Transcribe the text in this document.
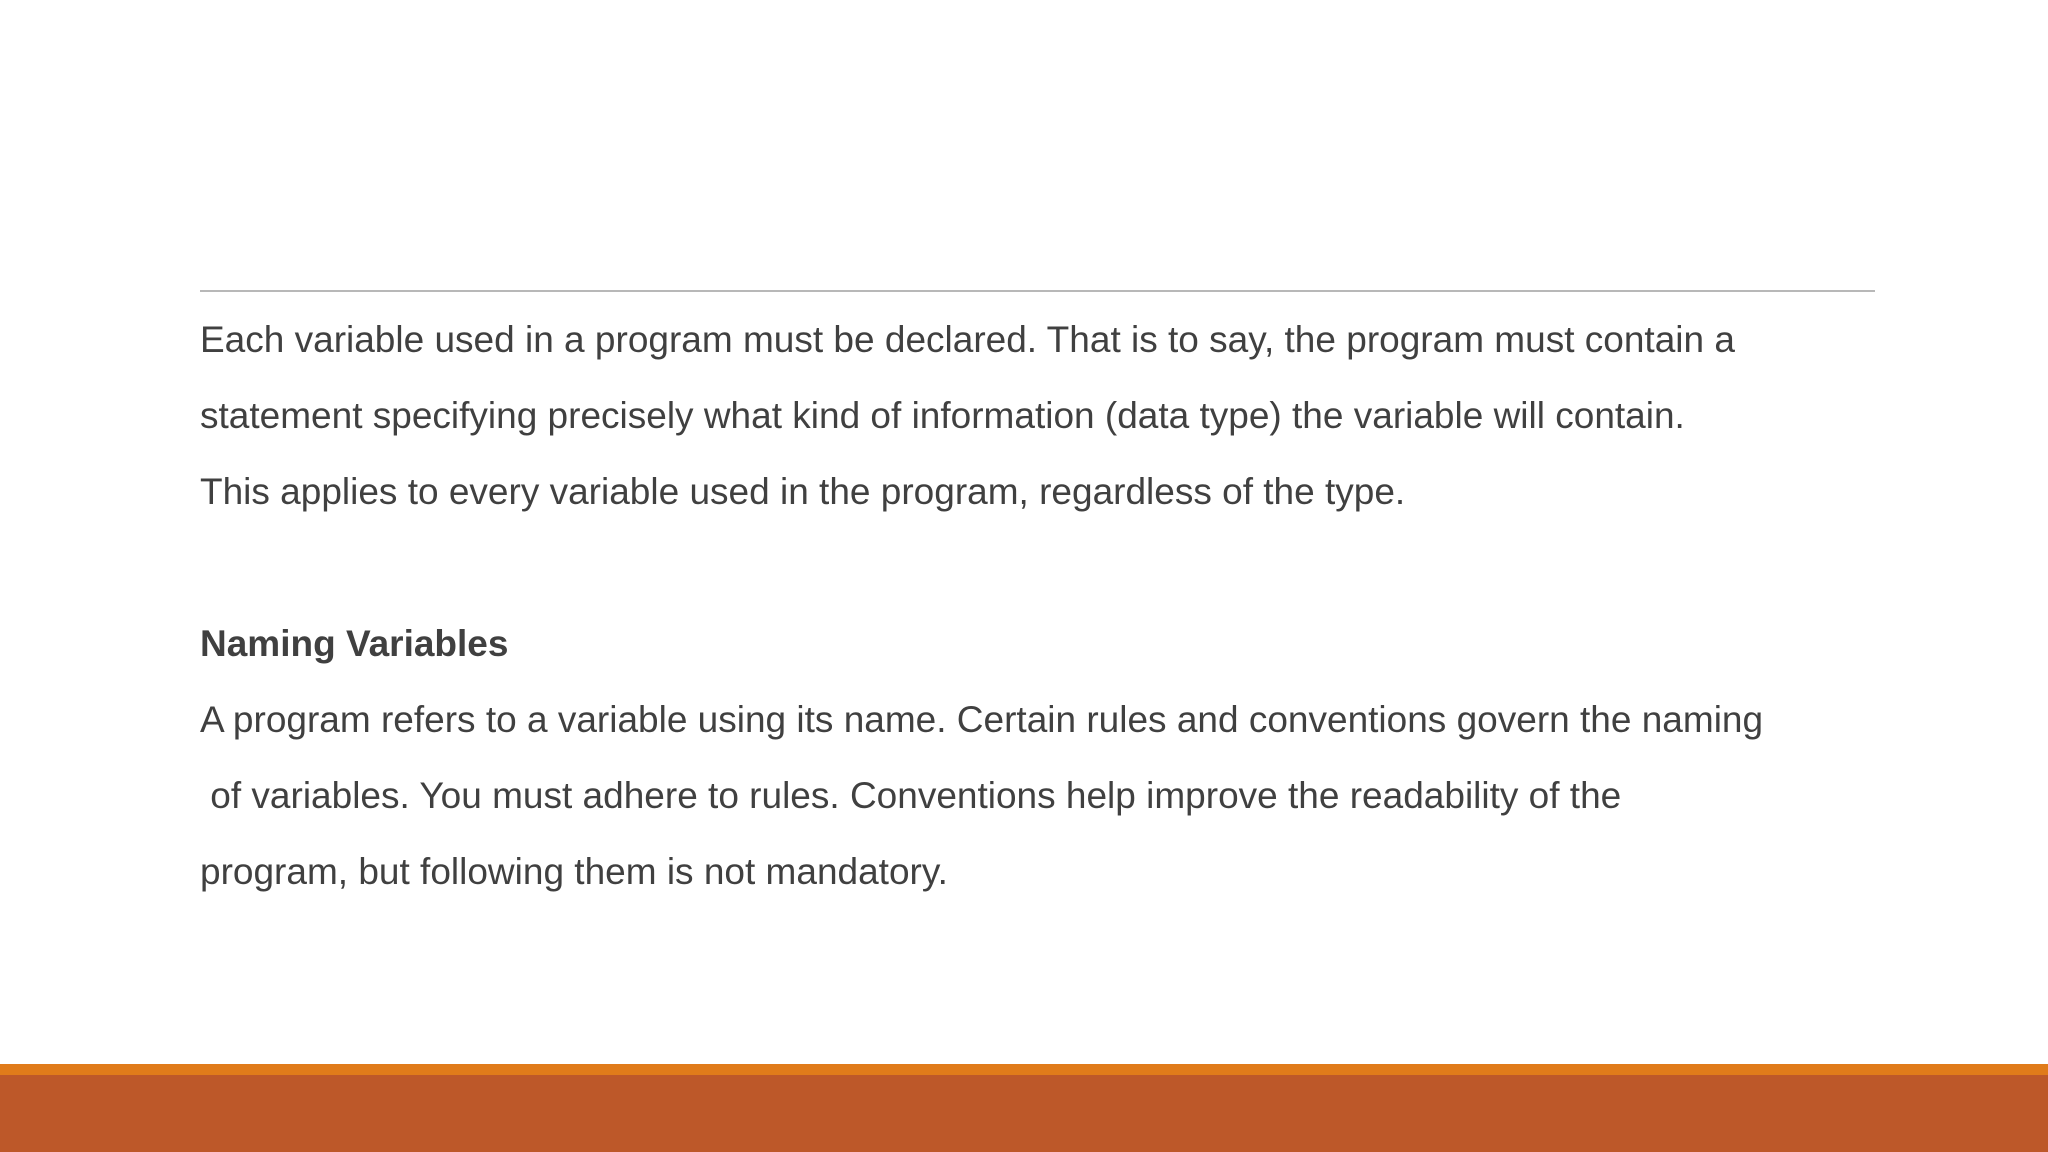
Each variable used in a program must be declared. That is to say, the program must contain a

statement specifying precisely what kind of information (data type) the variable will contain.

This applies to every variable used in the program, regardless of the type.

Naming Variables

A program refers to a variable using its name. Certain rules and conventions govern the naming

of variables. You must adhere to rules. Conventions help improve the readability of the

program, but following them is not mandatory.
